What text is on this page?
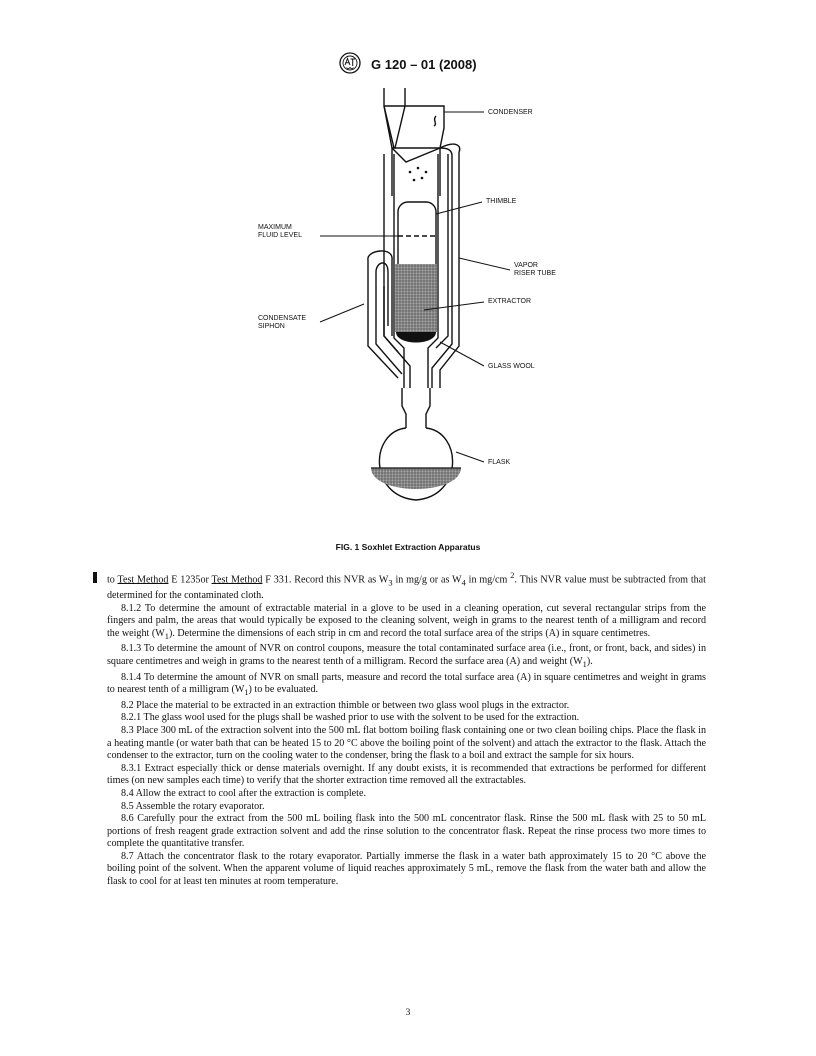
G 120 – 01 (2008)
CONDENSER
THIMBLE
MAXIMUM
FLUID LEVEL
VAPOR
RISER TUBE
EXTRACTOR
CONDENSATE
SIPHON
GLASS WOOL
FLASK
FIG. 1 Soxhlet Extraction Apparatus

to Test Method E 1235or Test Method F 331. Record this NVR as $W_3$ in mg/g or as $W_4$ in mg/cm $^2$. This NVR value must be subtracted from that determined for the contaminated cloth.

8.1.2 To determine the amount of extractable material in a glove to be used in a cleaning operation, cut several rectangular strips from the fingers and palm, the areas that would typically be exposed to the cleaning solvent, weigh in grams to the nearest tenth of a milligram and record the weight $(W_1)$. Determine the dimensions of each strip in cm and record the total surface area of the strips (A) in square centimetres.

8.1.3 To determine the amount of NVR on control coupons, measure the total contaminated surface area (i.e., front, or front, back, and sides) in square centimetres and weigh in grams to the nearest tenth of a milligram. Record the surface area (A) and weight $(W_1)$.

8.1.4 To determine the amount of NVR on small parts, measure and record the total surface area (A) in square centimetres and weight in grams to nearest tenth of a milligram $(W_1)$ to be evaluated.

8.2 Place the material to be extracted in an extraction thimble or between two glass wool plugs in the extractor.

8.2.1 The glass wool used for the plugs shall be washed prior to use with the solvent to be used for the extraction.

8.3 Place 300 mL of the extraction solvent into the 500 mL flat bottom boiling flask containing one or two clean boiling chips. Place the flask in a heating mantle (or water bath that can be heated 15 to 20 °C above the boiling point of the solvent) and attach the extractor to the flask. Attach the condenser to the extractor, turn on the cooling water to the condenser, bring the flask to a boil and extract the sample for six hours.

8.3.1 Extract especially thick or dense materials overnight. If any doubt exists, it is recommended that extractions be performed for different times (on new samples each time) to verify that the shorter extraction time removed all the extractables.

8.4 Allow the extract to cool after the extraction is complete.

8.5 Assemble the rotary evaporator.

8.6 Carefully pour the extract from the 500 mL boiling flask into the 500 mL concentrator flask. Rinse the 500 mL flask with 25 to 50 mL portions of fresh reagent grade extraction solvent and add the rinse solution to the concentrator flask. Repeat the rinse process two more times to complete the quantitative transfer.

8.7 Attach the concentrator flask to the rotary evaporator. Partially immerse the flask in a water bath approximately 15 to 20 °C above the boiling point of the solvent. When the apparent volume of liquid reaches approximately 5 mL, remove the flask from the water bath and allow the flask to cool for at least ten minutes at room temperature.

3
